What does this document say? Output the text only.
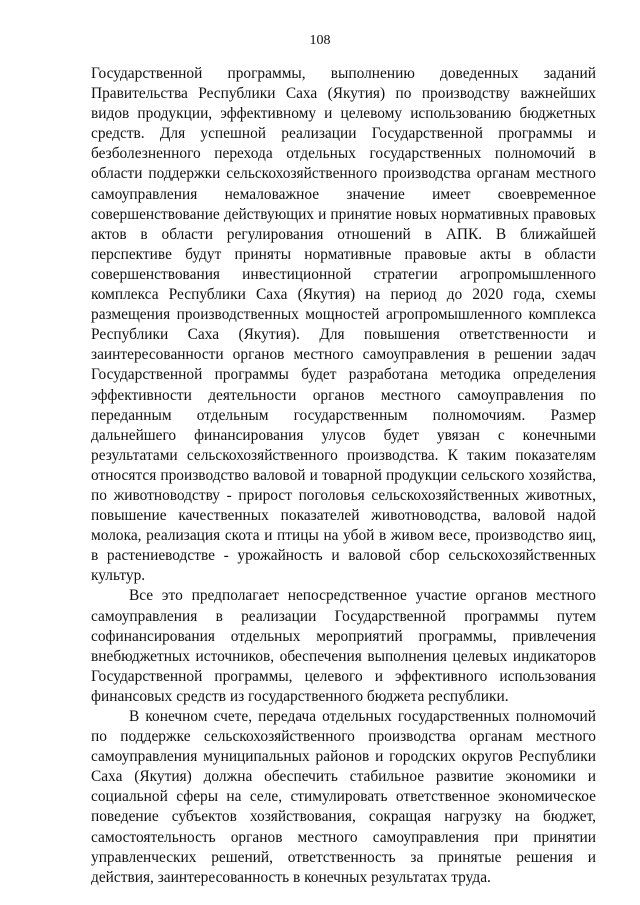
108

Государственной программы, выполнению доведенных заданий Правительства Республики Саха (Якутия) по производству важнейших видов продукции, эффективному и целевому использованию бюджетных средств. Для успешной реализации Государственной программы и безболезненного перехода отдельных государственных полномочий в области поддержки сельскохозяйственного производства органам местного самоуправления немаловажное значение имеет своевременное совершенствование действующих и принятие новых нормативных правовых актов в области регулирования отношений в АПК. В ближайшей перспективе будут приняты нормативные правовые акты в области совершенствования инвестиционной стратегии агропромышленного комплекса Республики Саха (Якутия) на период до 2020 года, схемы размещения производственных мощностей агропромышленного комплекса Республики Саха (Якутия). Для повышения ответственности и заинтересованности органов местного самоуправления в решении задач Государственной программы будет разработана методика определения эффективности деятельности органов местного самоуправления по переданным отдельным государственным полномочиям. Размер дальнейшего финансирования улусов будет увязан с конечными результатами сельскохозяйственного производства. К таким показателям относятся производство валовой и товарной продукции сельского хозяйства, по животноводству - прирост поголовья сельскохозяйственных животных, повышение качественных показателей животноводства, валовой надой молока, реализация скота и птицы на убой в живом весе, производство яиц, в растениеводстве - урожайность и валовой сбор сельскохозяйственных культур.

Все это предполагает непосредственное участие органов местного самоуправления в реализации Государственной программы путем софинансирования отдельных мероприятий программы, привлечения внебюджетных источников, обеспечения выполнения целевых индикаторов Государственной программы, целевого и эффективного использования финансовых средств из государственного бюджета республики.

В конечном счете, передача отдельных государственных полномочий по поддержке сельскохозяйственного производства органам местного самоуправления муниципальных районов и городских округов Республики Саха (Якутия) должна обеспечить стабильное развитие экономики и социальной сферы на селе, стимулировать ответственное экономическое поведение субъектов хозяйствования, сокращая нагрузку на бюджет, самостоятельность органов местного самоуправления при принятии управленческих решений, ответственность за принятые решения и действия, заинтересованность в конечных результатах труда.
